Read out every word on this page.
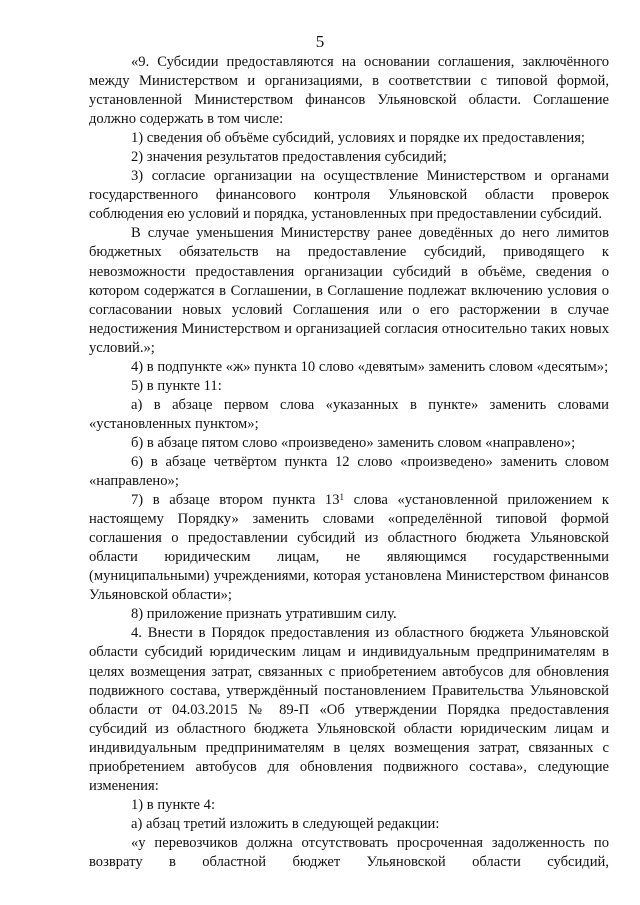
5

«9. Субсидии предоставляются на основании соглашения, заключённого между Министерством и организациями, в соответствии с типовой формой, установленной Министерством финансов Ульяновской области. Соглашение должно содержать в том числе:

1) сведения об объёме субсидий, условиях и порядке их предоставления;

2) значения результатов предоставления субсидий;

3) согласие организации на осуществление Министерством и органами государственного финансового контроля Ульяновской области проверок соблюдения ею условий и порядка, установленных при предоставлении субсидий.

В случае уменьшения Министерству ранее доведённых до него лимитов бюджетных обязательств на предоставление субсидий, приводящего к невозможности предоставления организации субсидий в объёме, сведения о котором содержатся в Соглашении, в Соглашение подлежат включению условия о согласовании новых условий Соглашения или о его расторжении в случае недостижения Министерством и организацией согласия относительно таких новых условий.»;

4) в подпункте «ж» пункта 10 слово «девятым» заменить словом «десятым»;

5) в пункте 11:

а) в абзаце первом слова «указанных в пункте» заменить словами «установленных пунктом»;

б) в абзаце пятом слово «произведено» заменить словом «направлено»;

6) в абзаце четвёртом пункта 12 слово «произведено» заменить словом «направлено»;

7) в абзаце втором пункта $13^1$ слова «установленной приложением к настоящему Порядку» заменить словами «определённой типовой формой соглашения о предоставлении субсидий из областного бюджета Ульяновской области юридическим лицам, не являющимся государственными (муниципальными) учреждениями, которая установлена Министерством финансов Ульяновской области»;

8) приложение признать утратившим силу.

4. Внести в Порядок предоставления из областного бюджета Ульяновской области субсидий юридическим лицам и индивидуальным предпринимателям в целях возмещения затрат, связанных с приобретением автобусов для обновления подвижного состава, утверждённый постановлением Правительства Ульяновской области от 04.03.2015 № 89-П «Об утверждении Порядка предоставления субсидий из областного бюджета Ульяновской области юридическим лицам и индивидуальным предпринимателям в целях возмещения затрат, связанных с приобретением автобусов для обновления подвижного состава», следующие изменения:

1) в пункте 4:

а) абзац третий изложить в следующей редакции:

«у перевозчиков должна отсутствовать просроченная задолженность по возврату в областной бюджет Ульяновской области субсидий,
